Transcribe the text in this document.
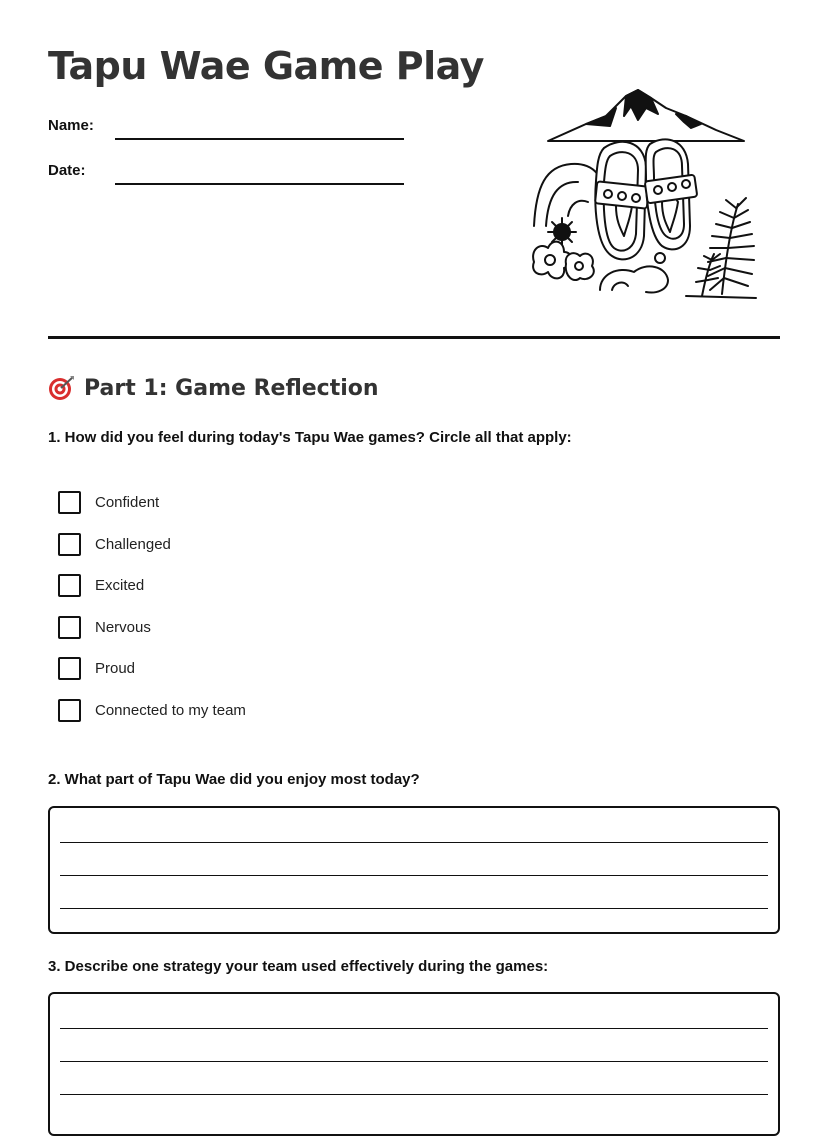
Tapu Wae Game Play
Name:
Date:
Part 1: Game Reflection
1. How did you feel during today's Tapu Wae games? Circle all that apply:
Confident
Challenged
Excited
Nervous
Proud
Connected to my team
2. What part of Tapu Wae did you enjoy most today?
3. Describe one strategy your team used effectively during the games:
